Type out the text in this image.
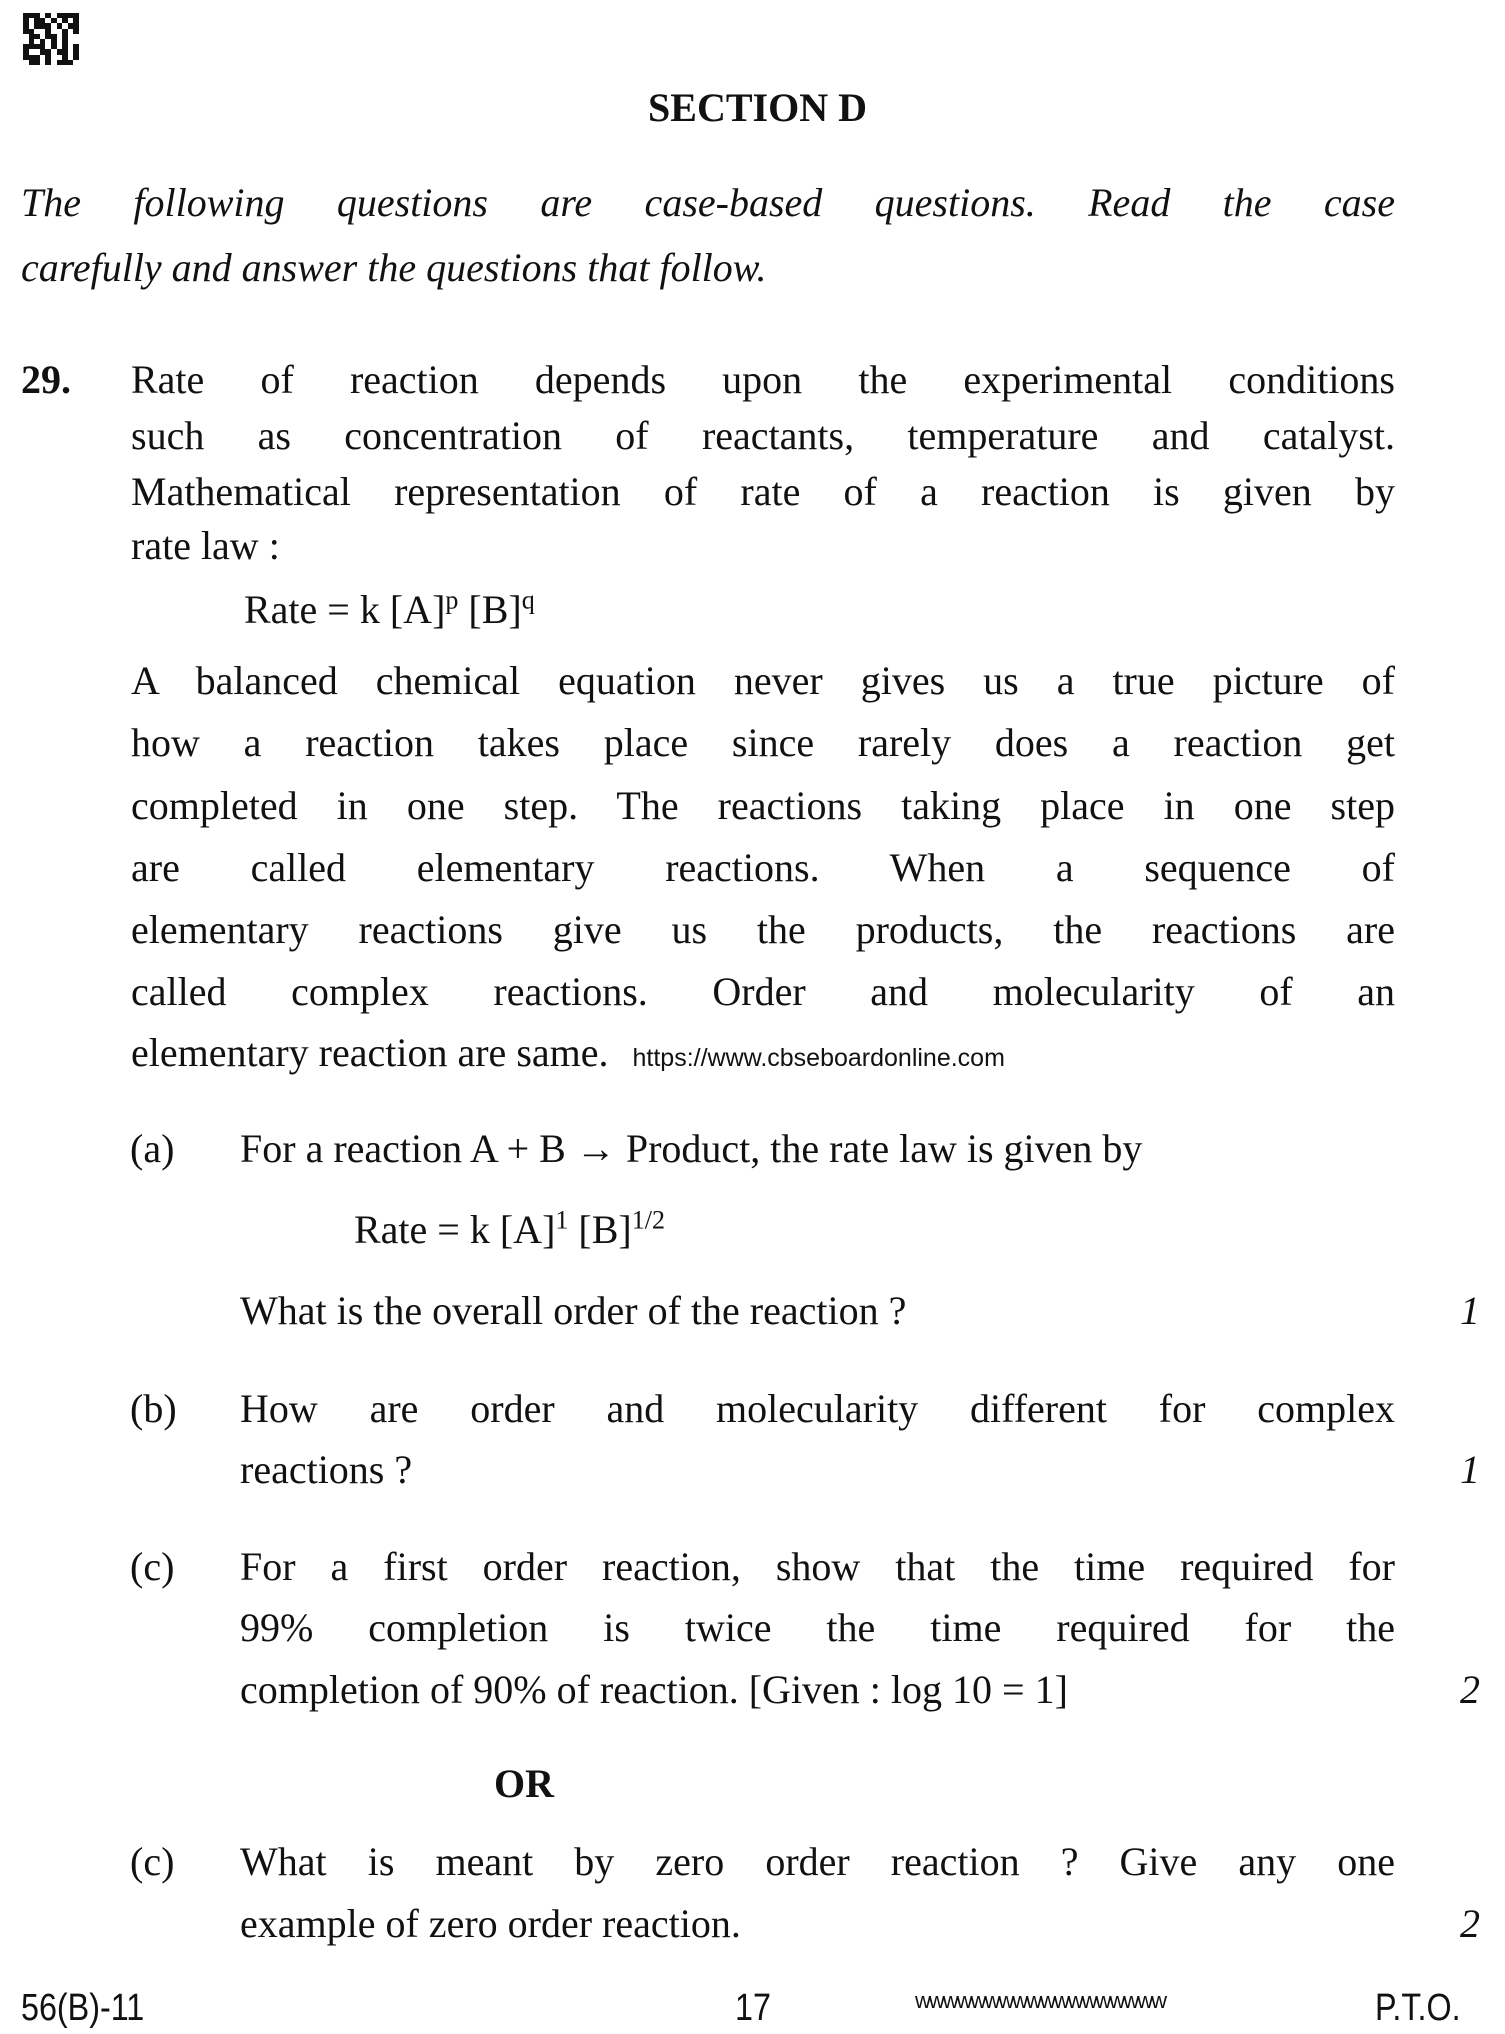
SECTION D
The following questions are case-based questions. Read the case
carefully and answer the questions that follow.
29. Rate of reaction depends upon the experimental conditions
such as concentration of reactants, temperature and catalyst.
Mathematical representation of rate of a reaction is given by
rate law :
Rate = k $[A]^p$ $[B]^q$
A balanced chemical equation never gives us a true picture of
how a reaction takes place since rarely does a reaction get
completed in one step. The reactions taking place in one step
are called elementary reactions. When a sequence of
elementary reactions give us the products, the reactions are
called complex reactions. Order and molecularity of an
elementary reaction are same. https://www.cbseboardonline.com
(a) For a reaction A + B → Product, the rate law is given by
Rate = k $[A]^1$ $[B]^{1/2}$
What is the overall order of the reaction ?	1
(b) How are order and molecularity different for complex
reactions ?	1
(c) For a first order reaction, show that the time required for
99% completion is twice the time required for the
completion of 90% of reaction. [Given : log 10 = 1]	2
OR
(c) What is meant by zero order reaction ? Give any one
example of zero order reaction.	2
56(B)-11	17	wwwwwwwwwwwwwwwwww	P.T.O.
